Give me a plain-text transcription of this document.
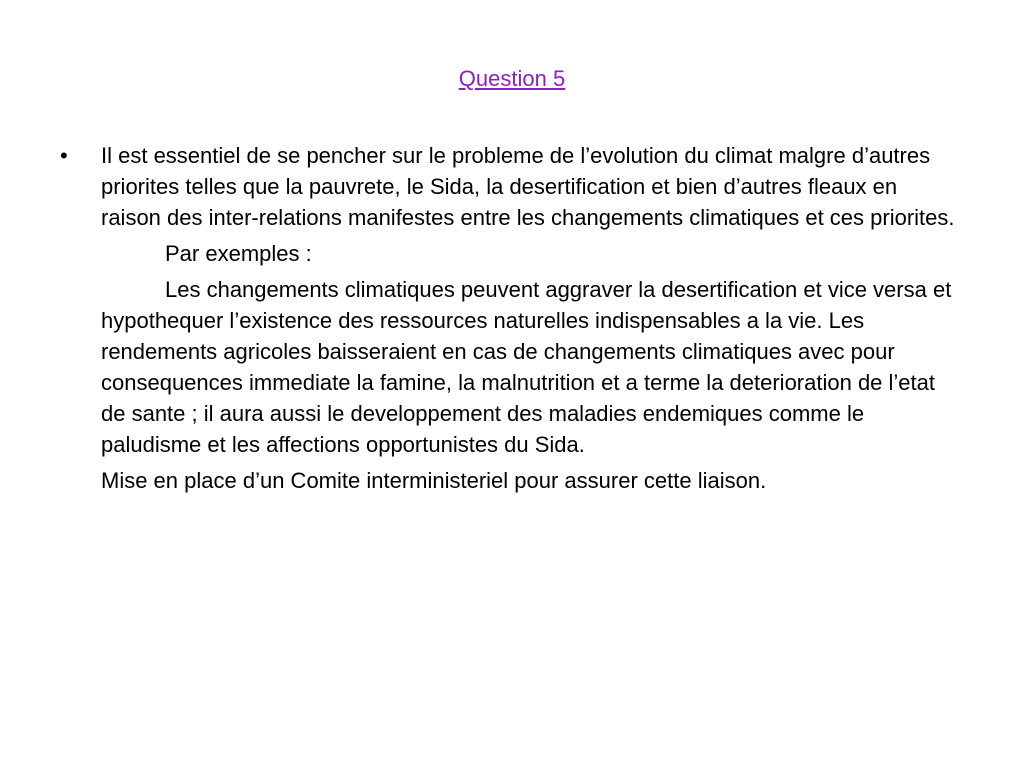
Question 5
• Il est essentiel de se pencher sur le probleme de l’evolution du climat malgre d’autres priorites telles que la pauvrete, le Sida, la desertification et bien d’autres fleaux en raison des inter-relations manifestes entre les changements climatiques et ces priorites.

Par exemples :

Les changements climatiques peuvent aggraver la desertification et vice versa et hypothequer l’existence des ressources naturelles indispensables a la vie. Les rendements agricoles baisseraient en cas de changements climatiques avec pour consequences immediate la famine, la malnutrition et a terme la deterioration de l’etat de sante ; il aura aussi le developpement des maladies endemiques comme le paludisme et les affections opportunistes du Sida.

Mise en place d’un Comite interministeriel pour assurer cette liaison.
